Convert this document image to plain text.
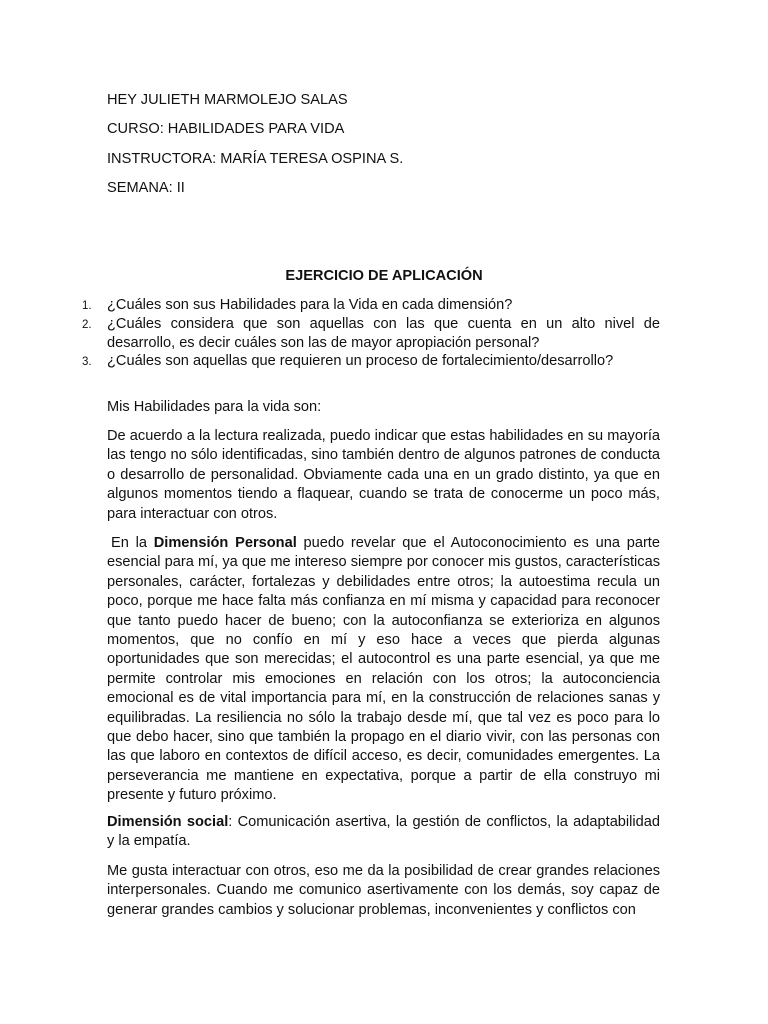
HEY JULIETH MARMOLEJO SALAS
CURSO: HABILIDADES PARA VIDA
INSTRUCTORA: MARÍA TERESA OSPINA S.
SEMANA: II
EJERCICIO DE APLICACIÓN
1.	¿Cuáles son sus Habilidades para la Vida en cada dimensión?

2.	¿Cuáles considera que son aquellas con las que cuenta en un alto nivel de desarrollo, es decir cuáles son las de mayor apropiación personal?

3.	¿Cuáles son aquellas que requieren un proceso de fortalecimiento/desarrollo?

Mis Habilidades para la vida son:

De acuerdo a la lectura realizada, puedo indicar que estas habilidades en su mayoría las tengo no sólo identificadas, sino también dentro de algunos patrones de conducta o desarrollo de personalidad. Obviamente cada una en un grado distinto, ya que en algunos momentos tiendo a flaquear, cuando se trata de conocerme un poco más, para interactuar con otros.

En la Dimensión Personal puedo revelar que el Autoconocimiento es una parte esencial para mí, ya que me intereso siempre por conocer mis gustos, características personales, carácter, fortalezas y debilidades entre otros; la autoestima recula un poco, porque me hace falta más confianza en mí misma y capacidad para reconocer que tanto puedo hacer de bueno; con la autoconfianza se exterioriza en algunos momentos, que no confío en mí y eso hace a veces que pierda algunas oportunidades que son merecidas; el autocontrol es una parte esencial, ya que me permite controlar mis emociones en relación con los otros; la autoconciencia emocional es de vital importancia para mí, en la construcción de relaciones sanas y equilibradas. La resiliencia no sólo la trabajo desde mí, que tal vez es poco para lo que debo hacer, sino que también la propago en el diario vivir, con las personas con las que laboro en contextos de difícil acceso, es decir, comunidades emergentes. La perseverancia me mantiene en expectativa, porque a partir de ella construyo mi presente y futuro próximo.

Dimensión social: Comunicación asertiva, la gestión de conflictos, la adaptabilidad y la empatía.

Me gusta interactuar con otros, eso me da la posibilidad de crear grandes relaciones interpersonales. Cuando me comunico asertivamente con los demás, soy capaz de generar grandes cambios y solucionar problemas, inconvenientes y conflictos con
